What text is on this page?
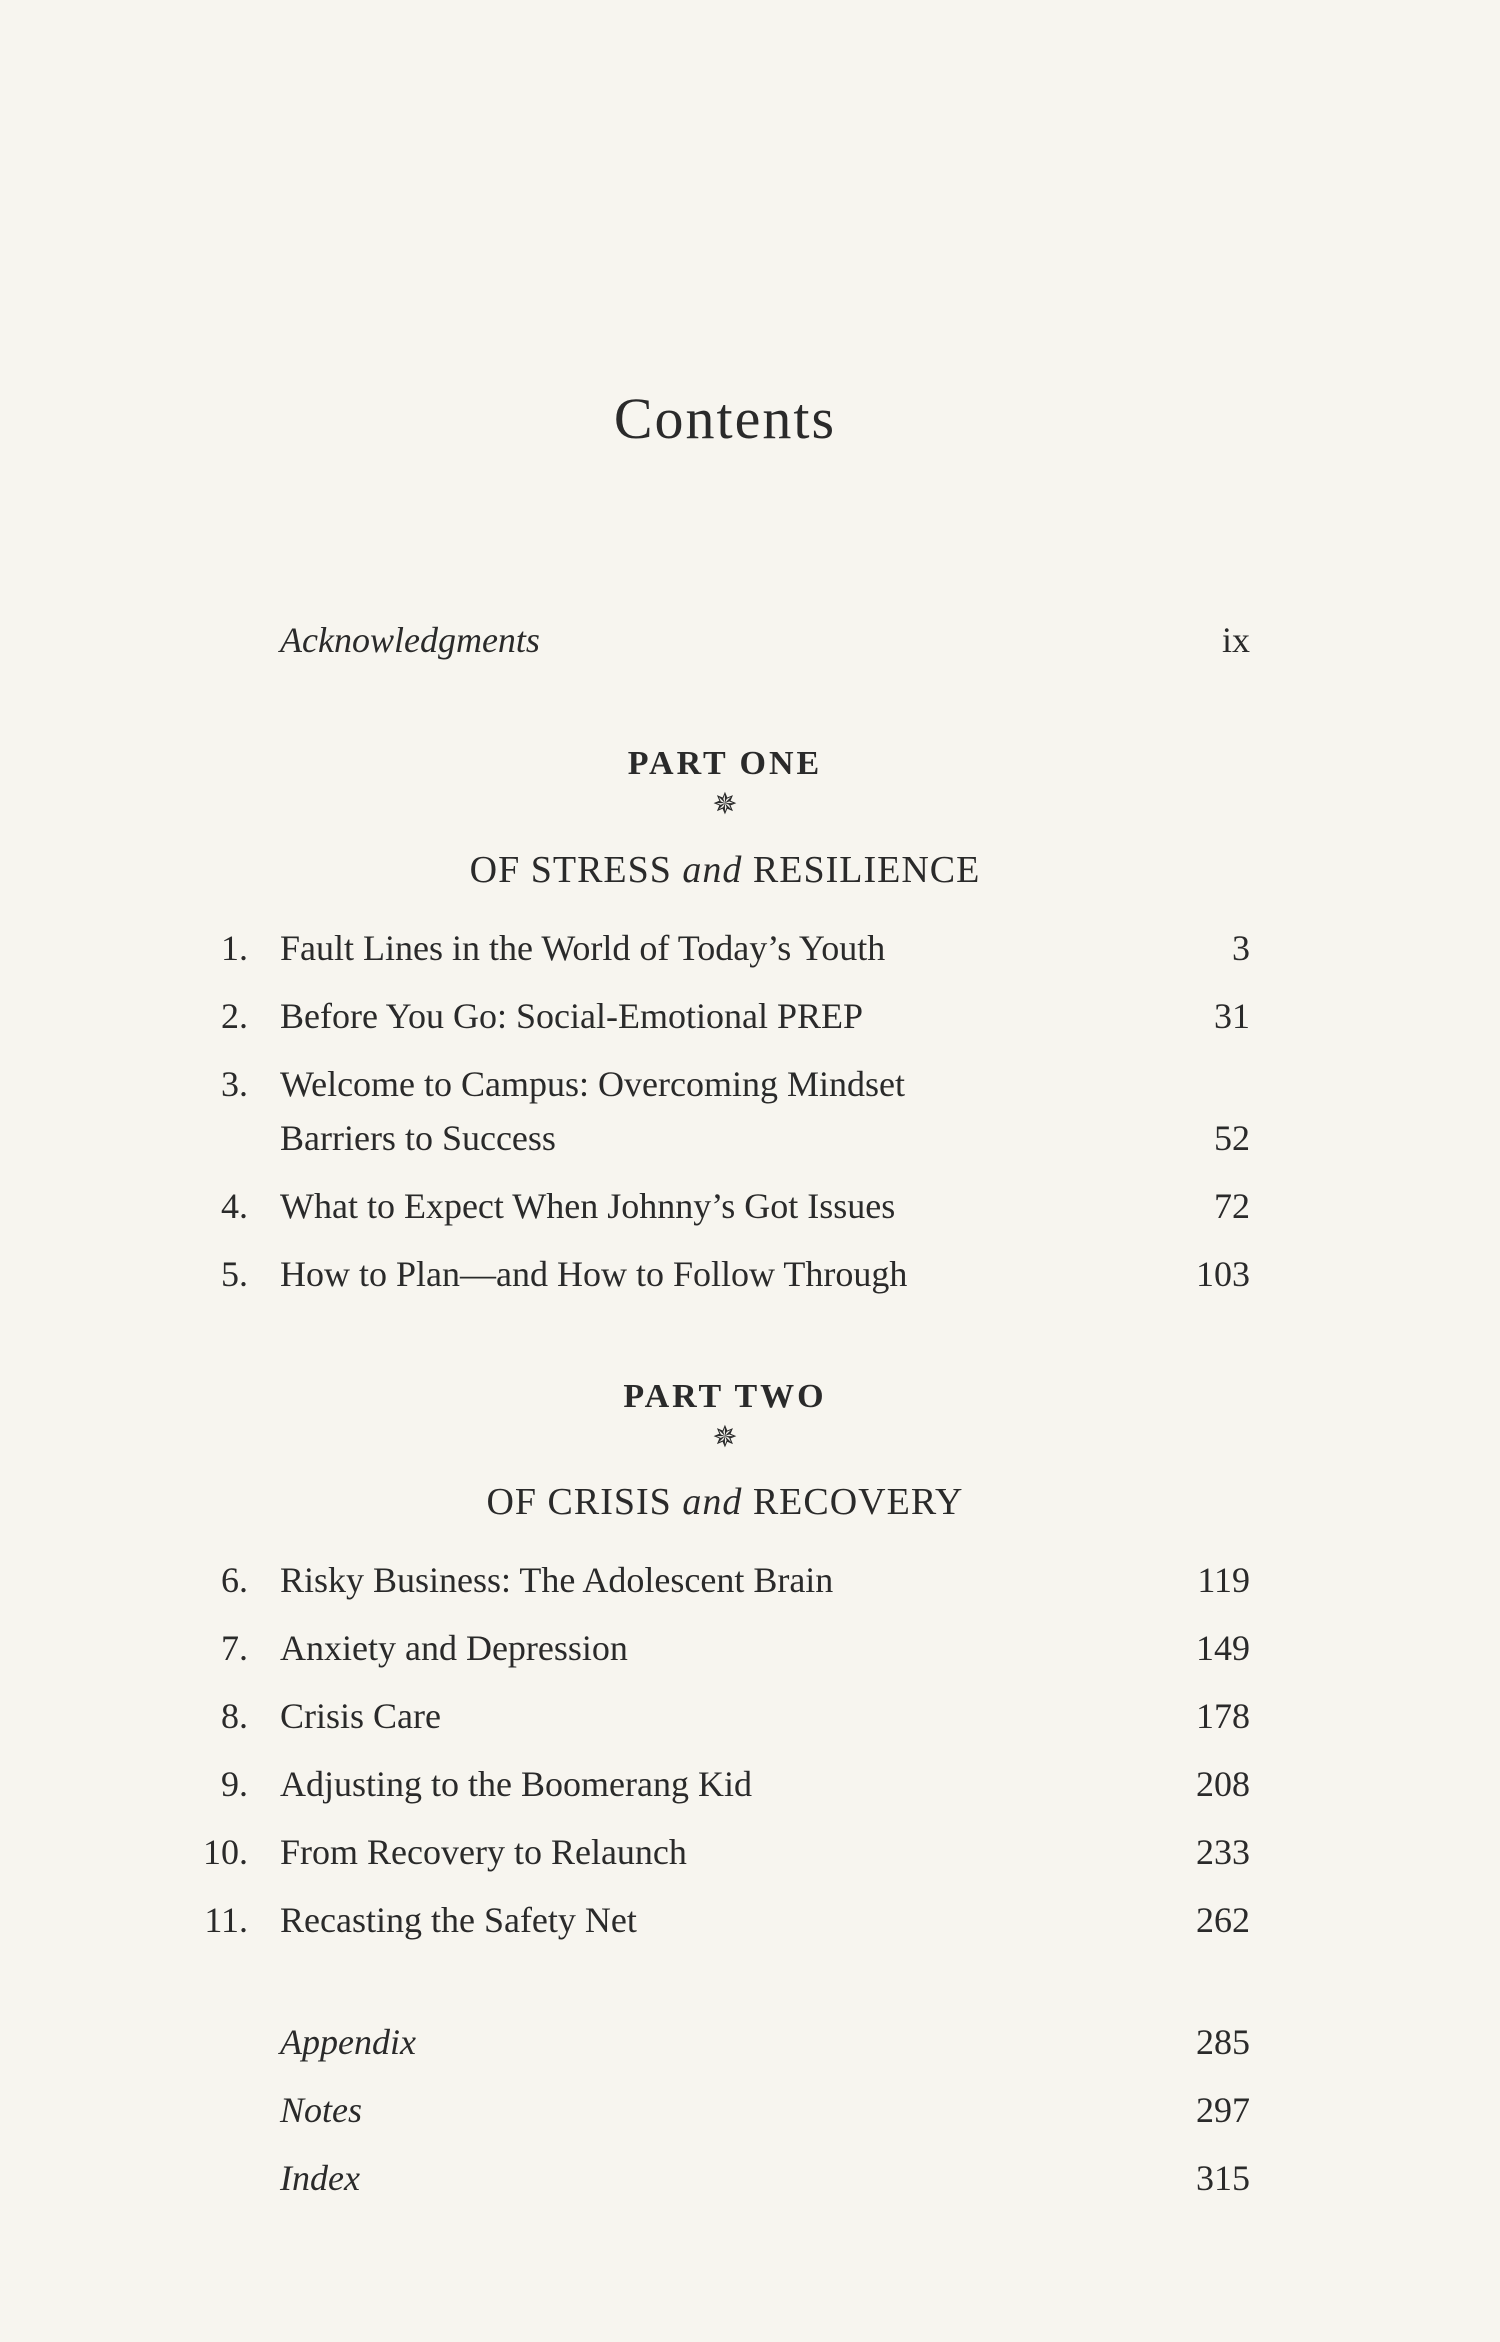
Contents
Acknowledgments	ix
PART ONE
✵
OF STRESS and RESILIENCE
1. Fault Lines in the World of Today’s Youth	3
2. Before You Go: Social-Emotional PREP	31
3. Welcome to Campus: Overcoming Mindset
Barriers to Success	52
4. What to Expect When Johnny’s Got Issues	72
5. How to Plan—and How to Follow Through	103
PART TWO
✵
OF CRISIS and RECOVERY
6. Risky Business: The Adolescent Brain	119
7. Anxiety and Depression	149
8. Crisis Care	178
9. Adjusting to the Boomerang Kid	208
10. From Recovery to Relaunch	233
11. Recasting the Safety Net	262
Appendix	285
Notes	297
Index	315
